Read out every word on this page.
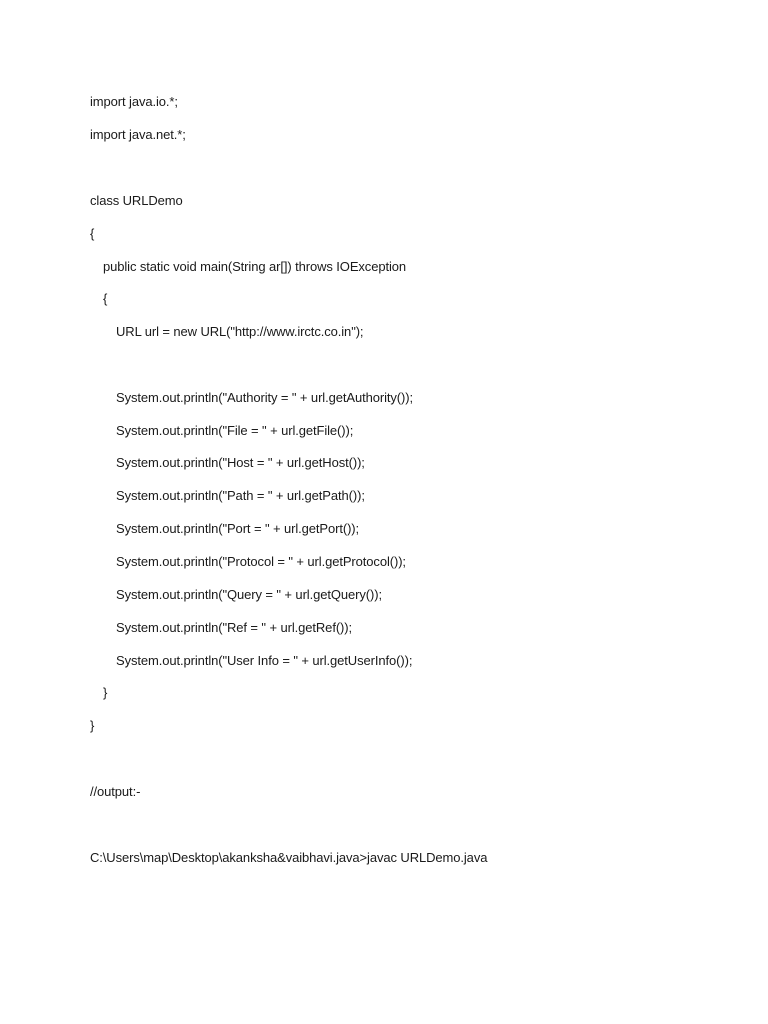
import java.io.*;
import java.net.*;
class URLDemo
{
public static void main(String ar[]) throws IOException
{
URL url = new URL("http://www.irctc.co.in");
System.out.println("Authority = " + url.getAuthority());
System.out.println("File = " + url.getFile());
System.out.println("Host = " + url.getHost());
System.out.println("Path = " + url.getPath());
System.out.println("Port = " + url.getPort());
System.out.println("Protocol = " + url.getProtocol());
System.out.println("Query = " + url.getQuery());
System.out.println("Ref = " + url.getRef());
System.out.println("User Info = " + url.getUserInfo());
}
}
//output:-
C:\Users\map\Desktop\akanksha&vaibhavi.java>javac URLDemo.java
